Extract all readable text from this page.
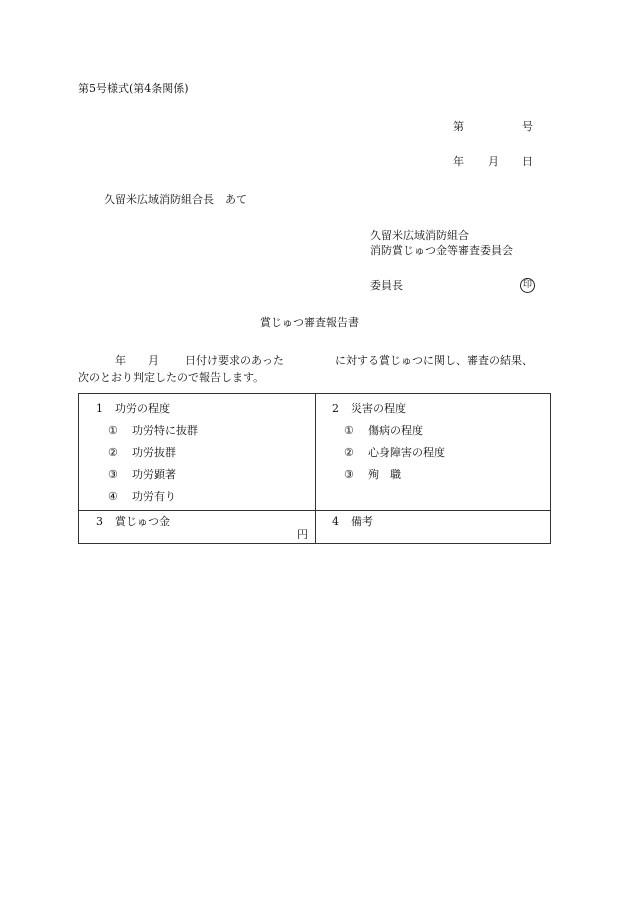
第5号様式(第4条関係)
第	号
年 月 日
久留米広域消防組合長　あて
久留米広域消防組合
消防賞じゅつ金等審査委員会
委員長	印
賞じゅつ審査報告書
年 月 日付け要求のあった	に対する賞じゅつに関し、審査の結果、
次のとおり判定したので報告します。
1 功労の程度
① 功労特に抜群
② 功労抜群
③ 功労顕著
④ 功労有り
2 災害の程度
① 傷病の程度
② 心身障害の程度
③ 殉　職
3 賞じゅつ金
円
4 備考
